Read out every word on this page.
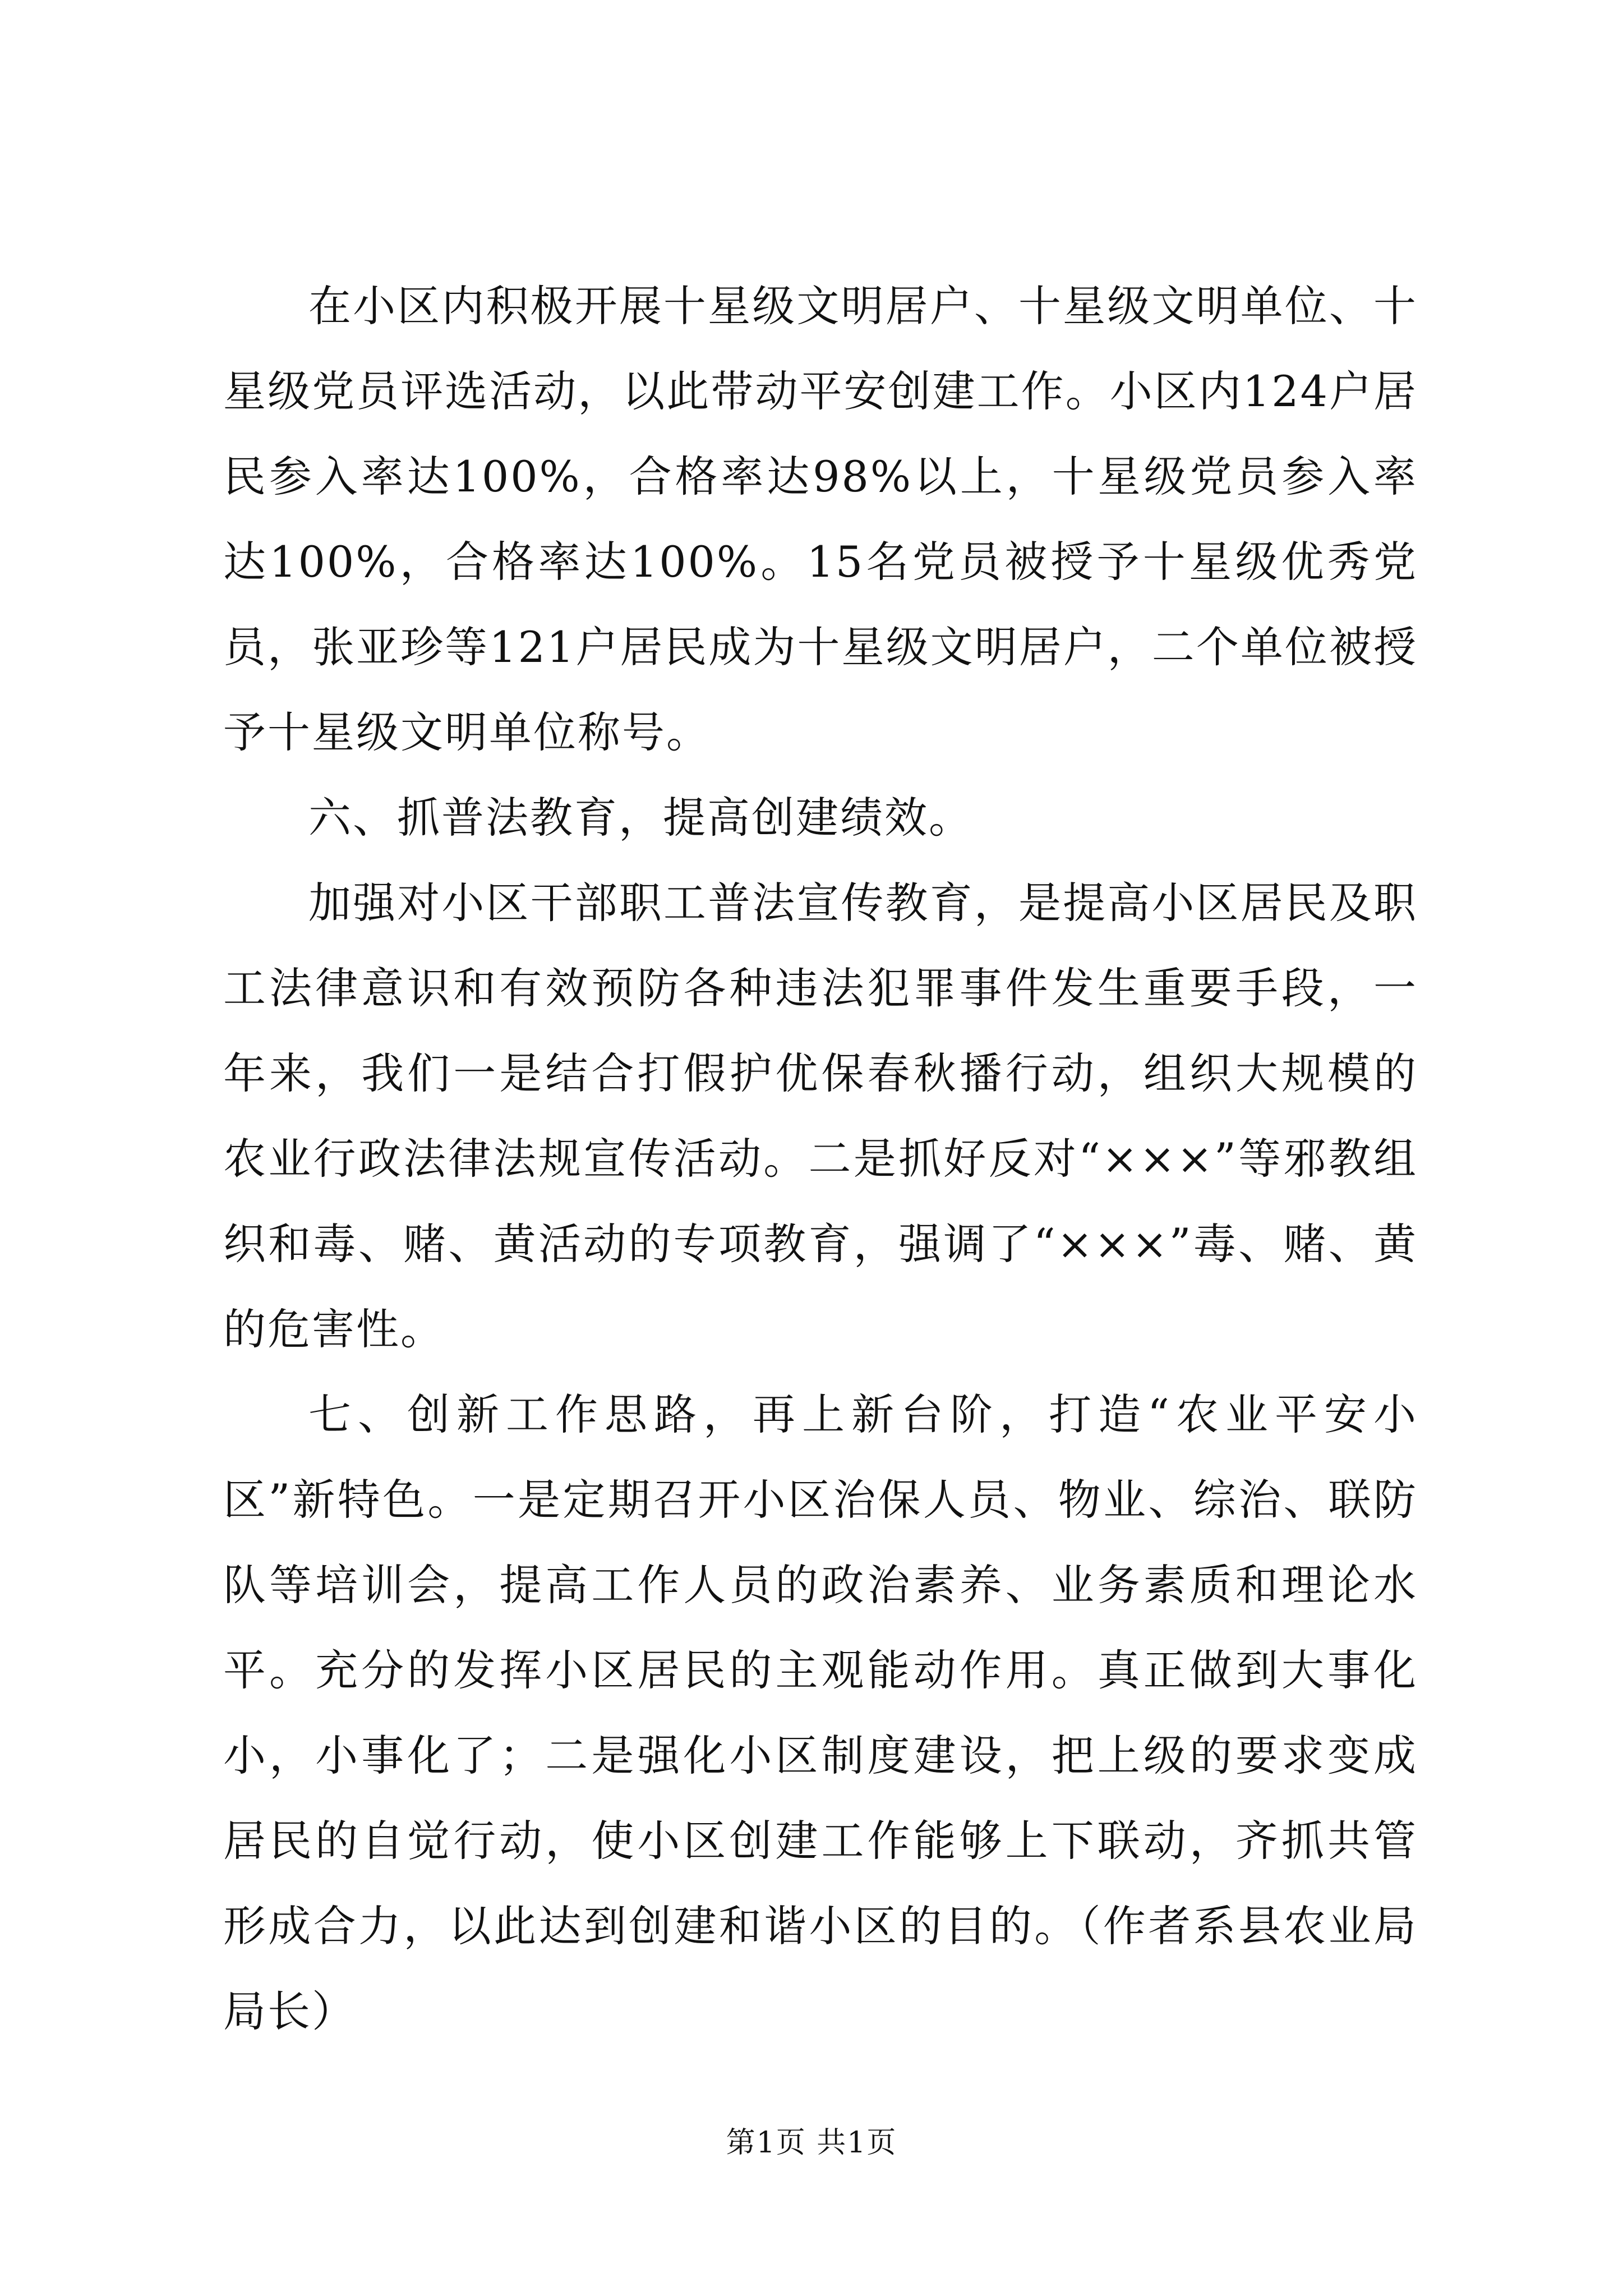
在小区内积极开展十星级文明居户、十星级文明单位、十星级党员评选活动，以此带动平安创建工作。小区内124户居民参入率达100%，合格率达98%以上，十星级党员参入率达100%，合格率达100%。15名党员被授予十星级优秀党员，张亚珍等121户居民成为十星级文明居户，二个单位被授予十星级文明单位称号。

六、抓普法教育，提高创建绩效。

加强对小区干部职工普法宣传教育，是提高小区居民及职工法律意识和有效预防各种违法犯罪事件发生重要手段，一年来，我们一是结合打假护优保春秋播行动，组织大规模的农业行政法律法规宣传活动。二是抓好反对“×××”等邪教组织和毒、赌、黄活动的专项教育，强调了“×××”毒、赌、黄的危害性。

七、创新工作思路，再上新台阶，打造“农业平安小区”新特色。一是定期召开小区治保人员、物业、综治、联防队等培训会，提高工作人员的政治素养、业务素质和理论水平。充分的发挥小区居民的主观能动作用。真正做到大事化小，小事化了；二是强化小区制度建设，把上级的要求变成居民的自觉行动，使小区创建工作能够上下联动，齐抓共管形成合力，以此达到创建和谐小区的目的。（作者系县农业局局长）

第1页 共1页
